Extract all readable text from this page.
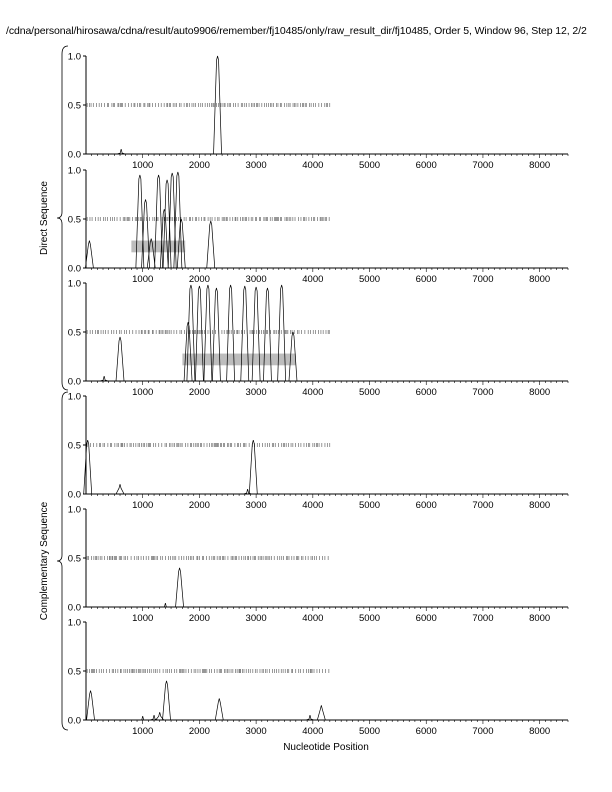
/cdna/personal/hirosawa/cdna/result/auto9906/remember/fj10485/only/raw_result_dir/fj10485, Order 5, Window 96, Step 12, 2/2
0.0
0.5
1.0
1000	2000	3000	4000	5000	6000	7000	8000
0.0
0.5
1.0
1000	2000	3000	4000	5000	6000	7000	8000
0.0
0.5
1.0
1000	2000	3000	4000	5000	6000	7000	8000
0.0
0.5
1.0
1000	2000	3000	4000	5000	6000	7000	8000
0.0
0.5
1.0
1000	2000	3000	4000	5000	6000	7000	8000
0.0
0.5
1.0
1000	2000	3000	4000	5000	6000	7000	8000
Direct Sequence
Complementary Sequence
Nucleotide Position
